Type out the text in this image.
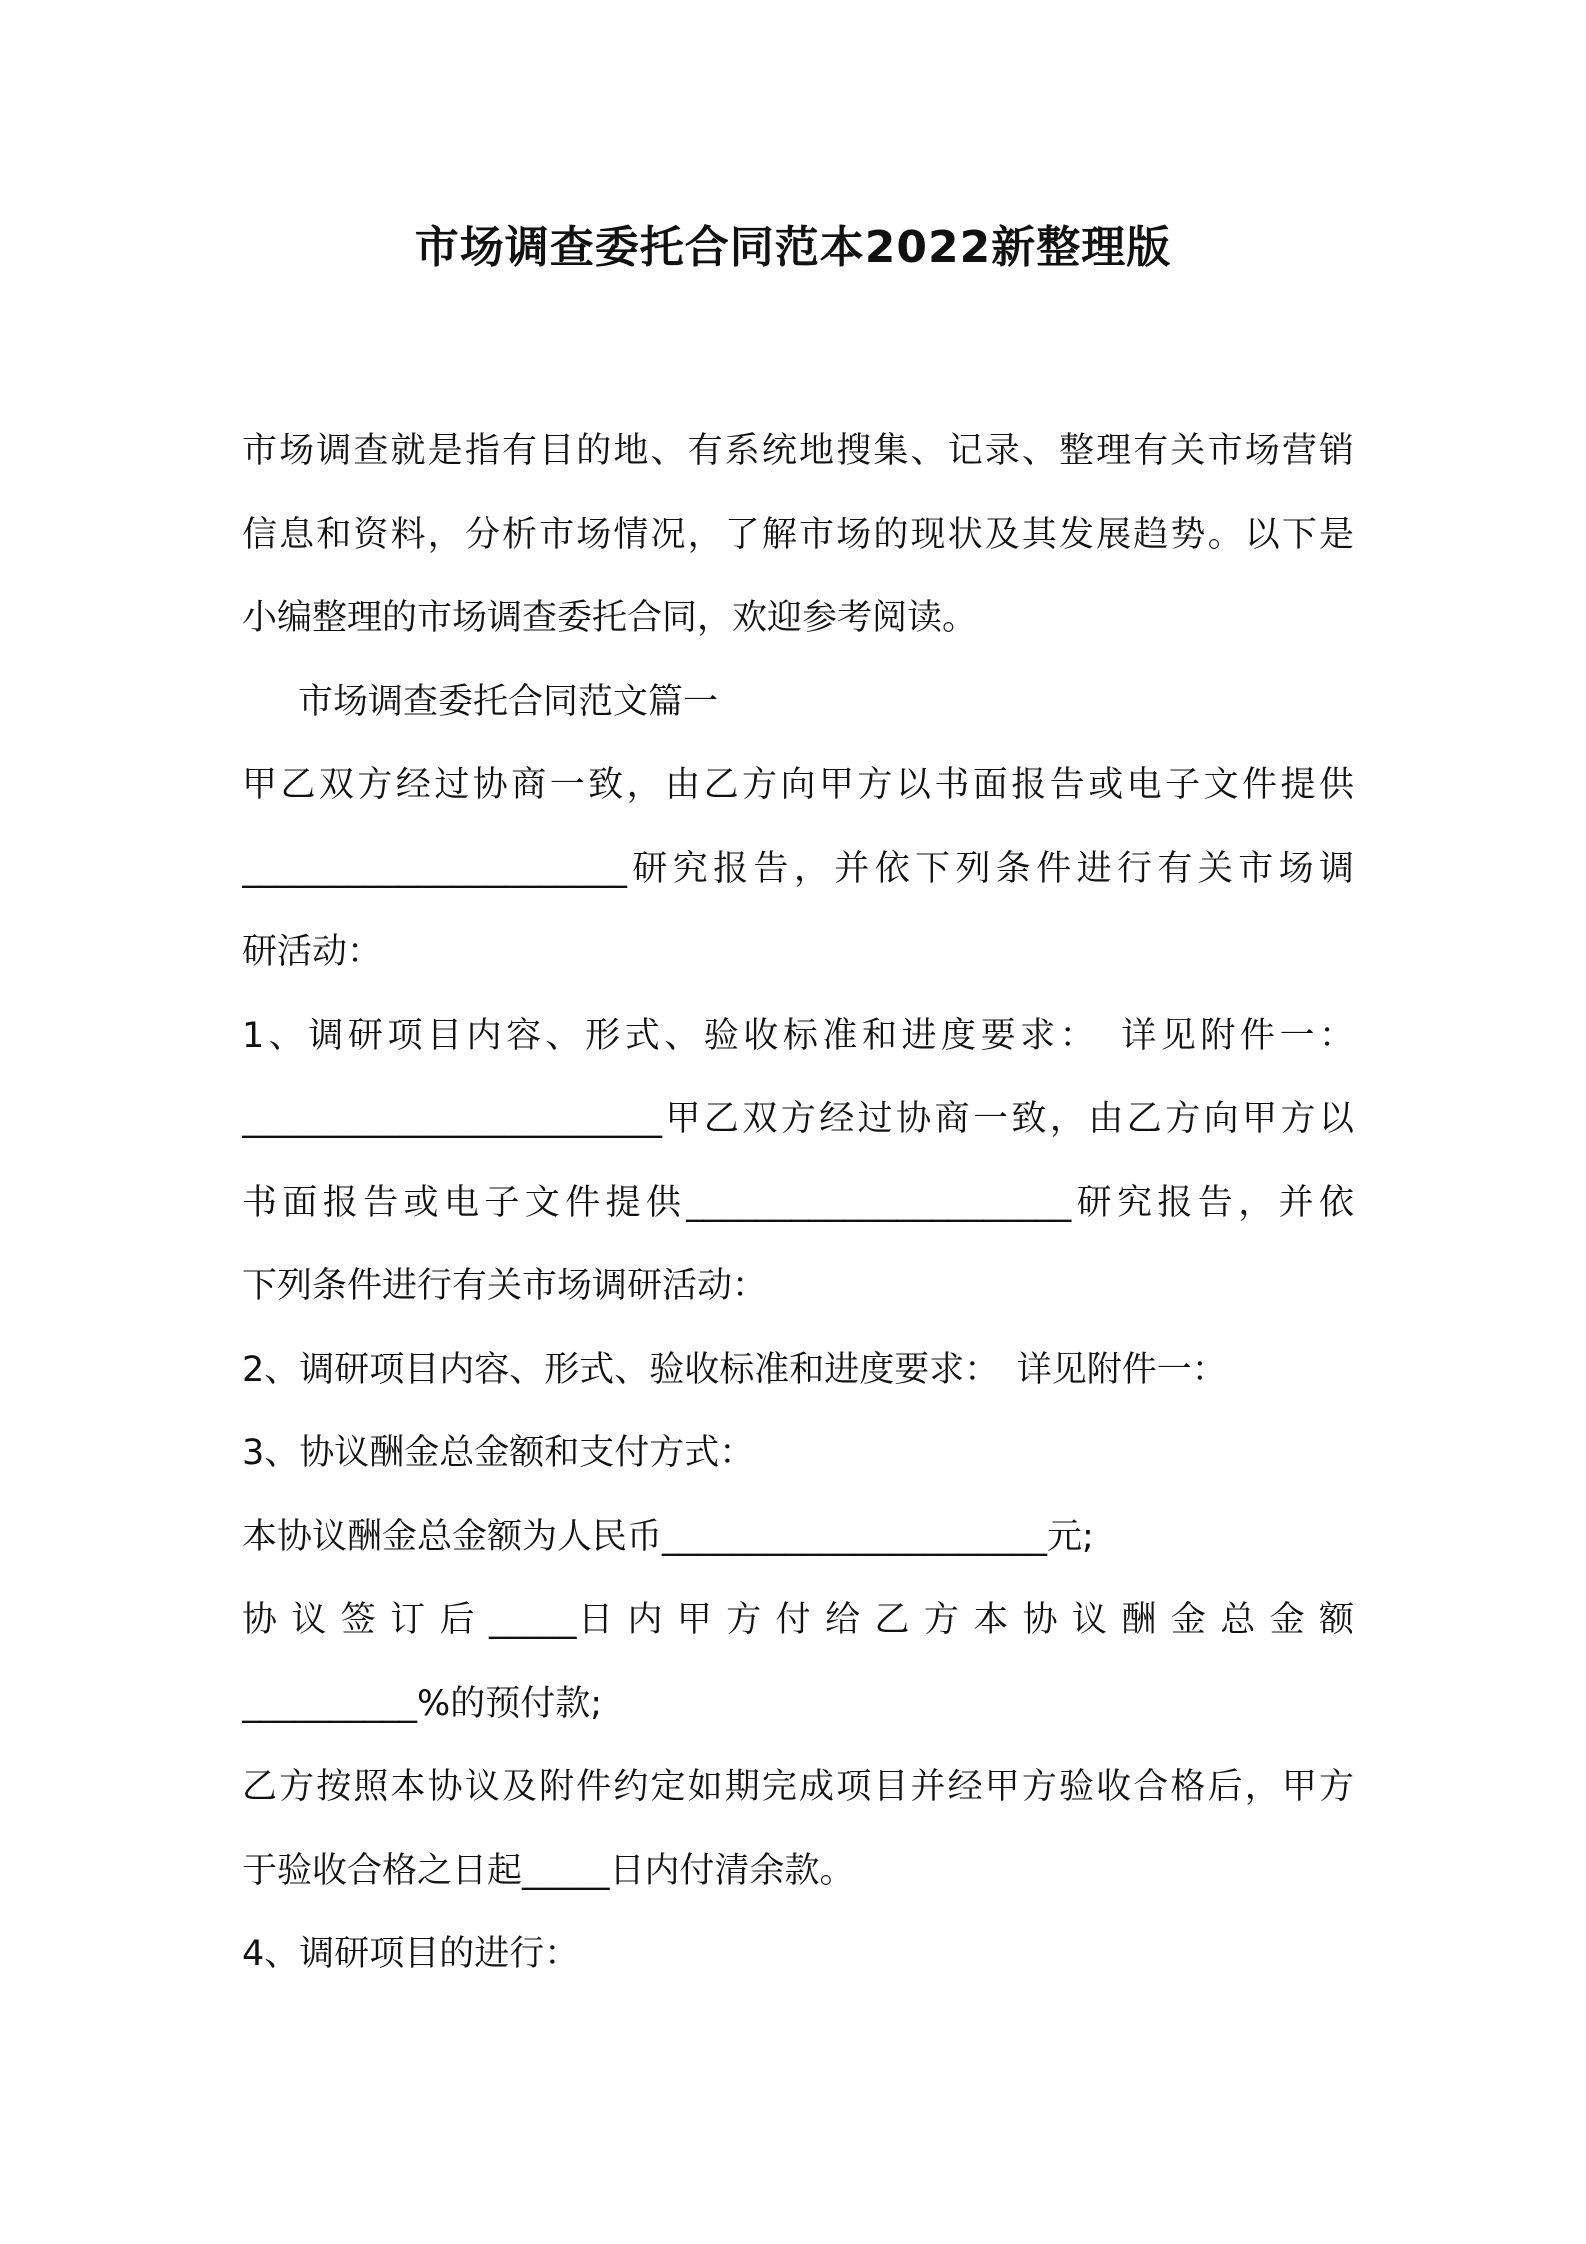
市场调查委托合同范本2022新整理版
市场调查就是指有目的地、有系统地搜集、记录、整理有关市场营销
信息和资料，分析市场情况，了解市场的现状及其发展趋势。以下是
小编整理的市场调查委托合同，欢迎参考阅读。
市场调查委托合同范文篇一
甲乙双方经过协商一致，由乙方向甲方以书面报告或电子文件提供
______________________研究报告，并依下列条件进行有关市场调
研活动：
1、调研项目内容、形式、验收标准和进度要求：　详见附件一：
________________________甲乙双方经过协商一致，由乙方向甲方以
书面报告或电子文件提供______________________研究报告，并依
下列条件进行有关市场调研活动：
2、调研项目内容、形式、验收标准和进度要求：　详见附件一：
3、协议酬金总金额和支付方式：
本协议酬金总金额为人民币______________________元;
协 议 签 订 后 _____日 内 甲 方 付 给 乙 方 本 协 议 酬 金 总 金 额
__________%的预付款;
乙方按照本协议及附件约定如期完成项目并经甲方验收合格后，甲方
于验收合格之日起_____日内付清余款。
4、调研项目的进行：
